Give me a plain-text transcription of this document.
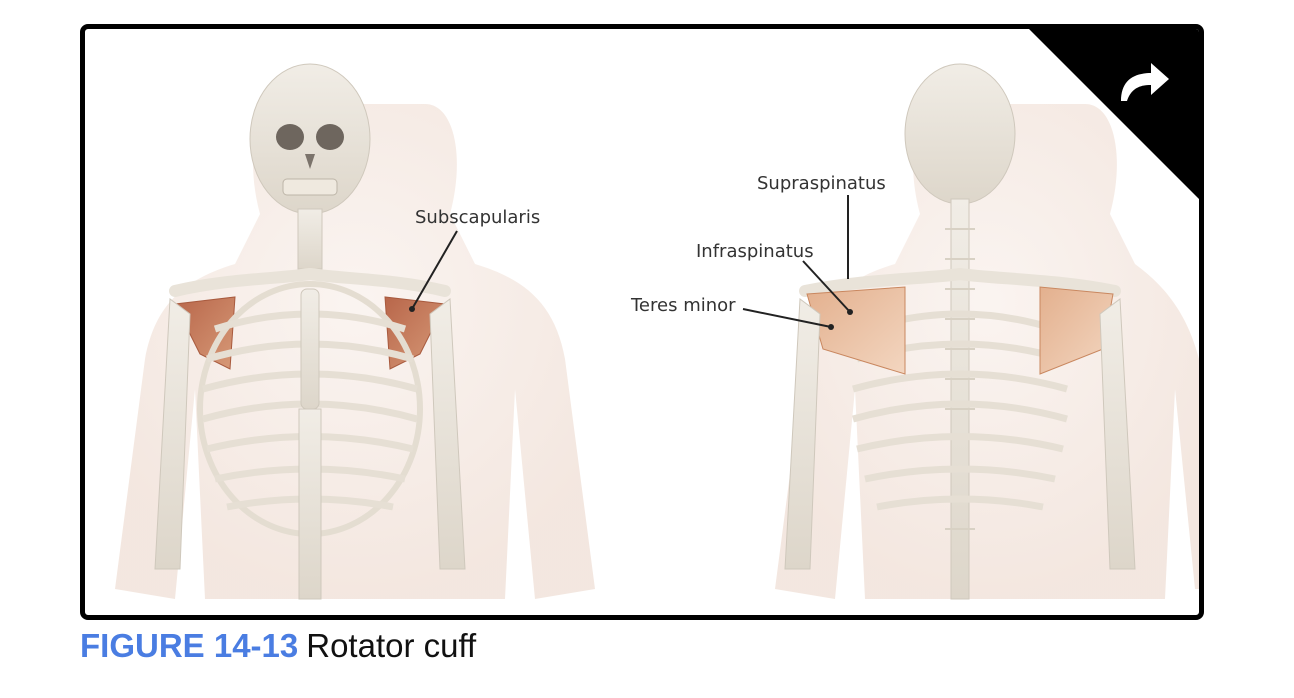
Subscapularis
Supraspinatus
Infraspinatus
Teres minor
FIGURE 14-13 Rotator cuff
